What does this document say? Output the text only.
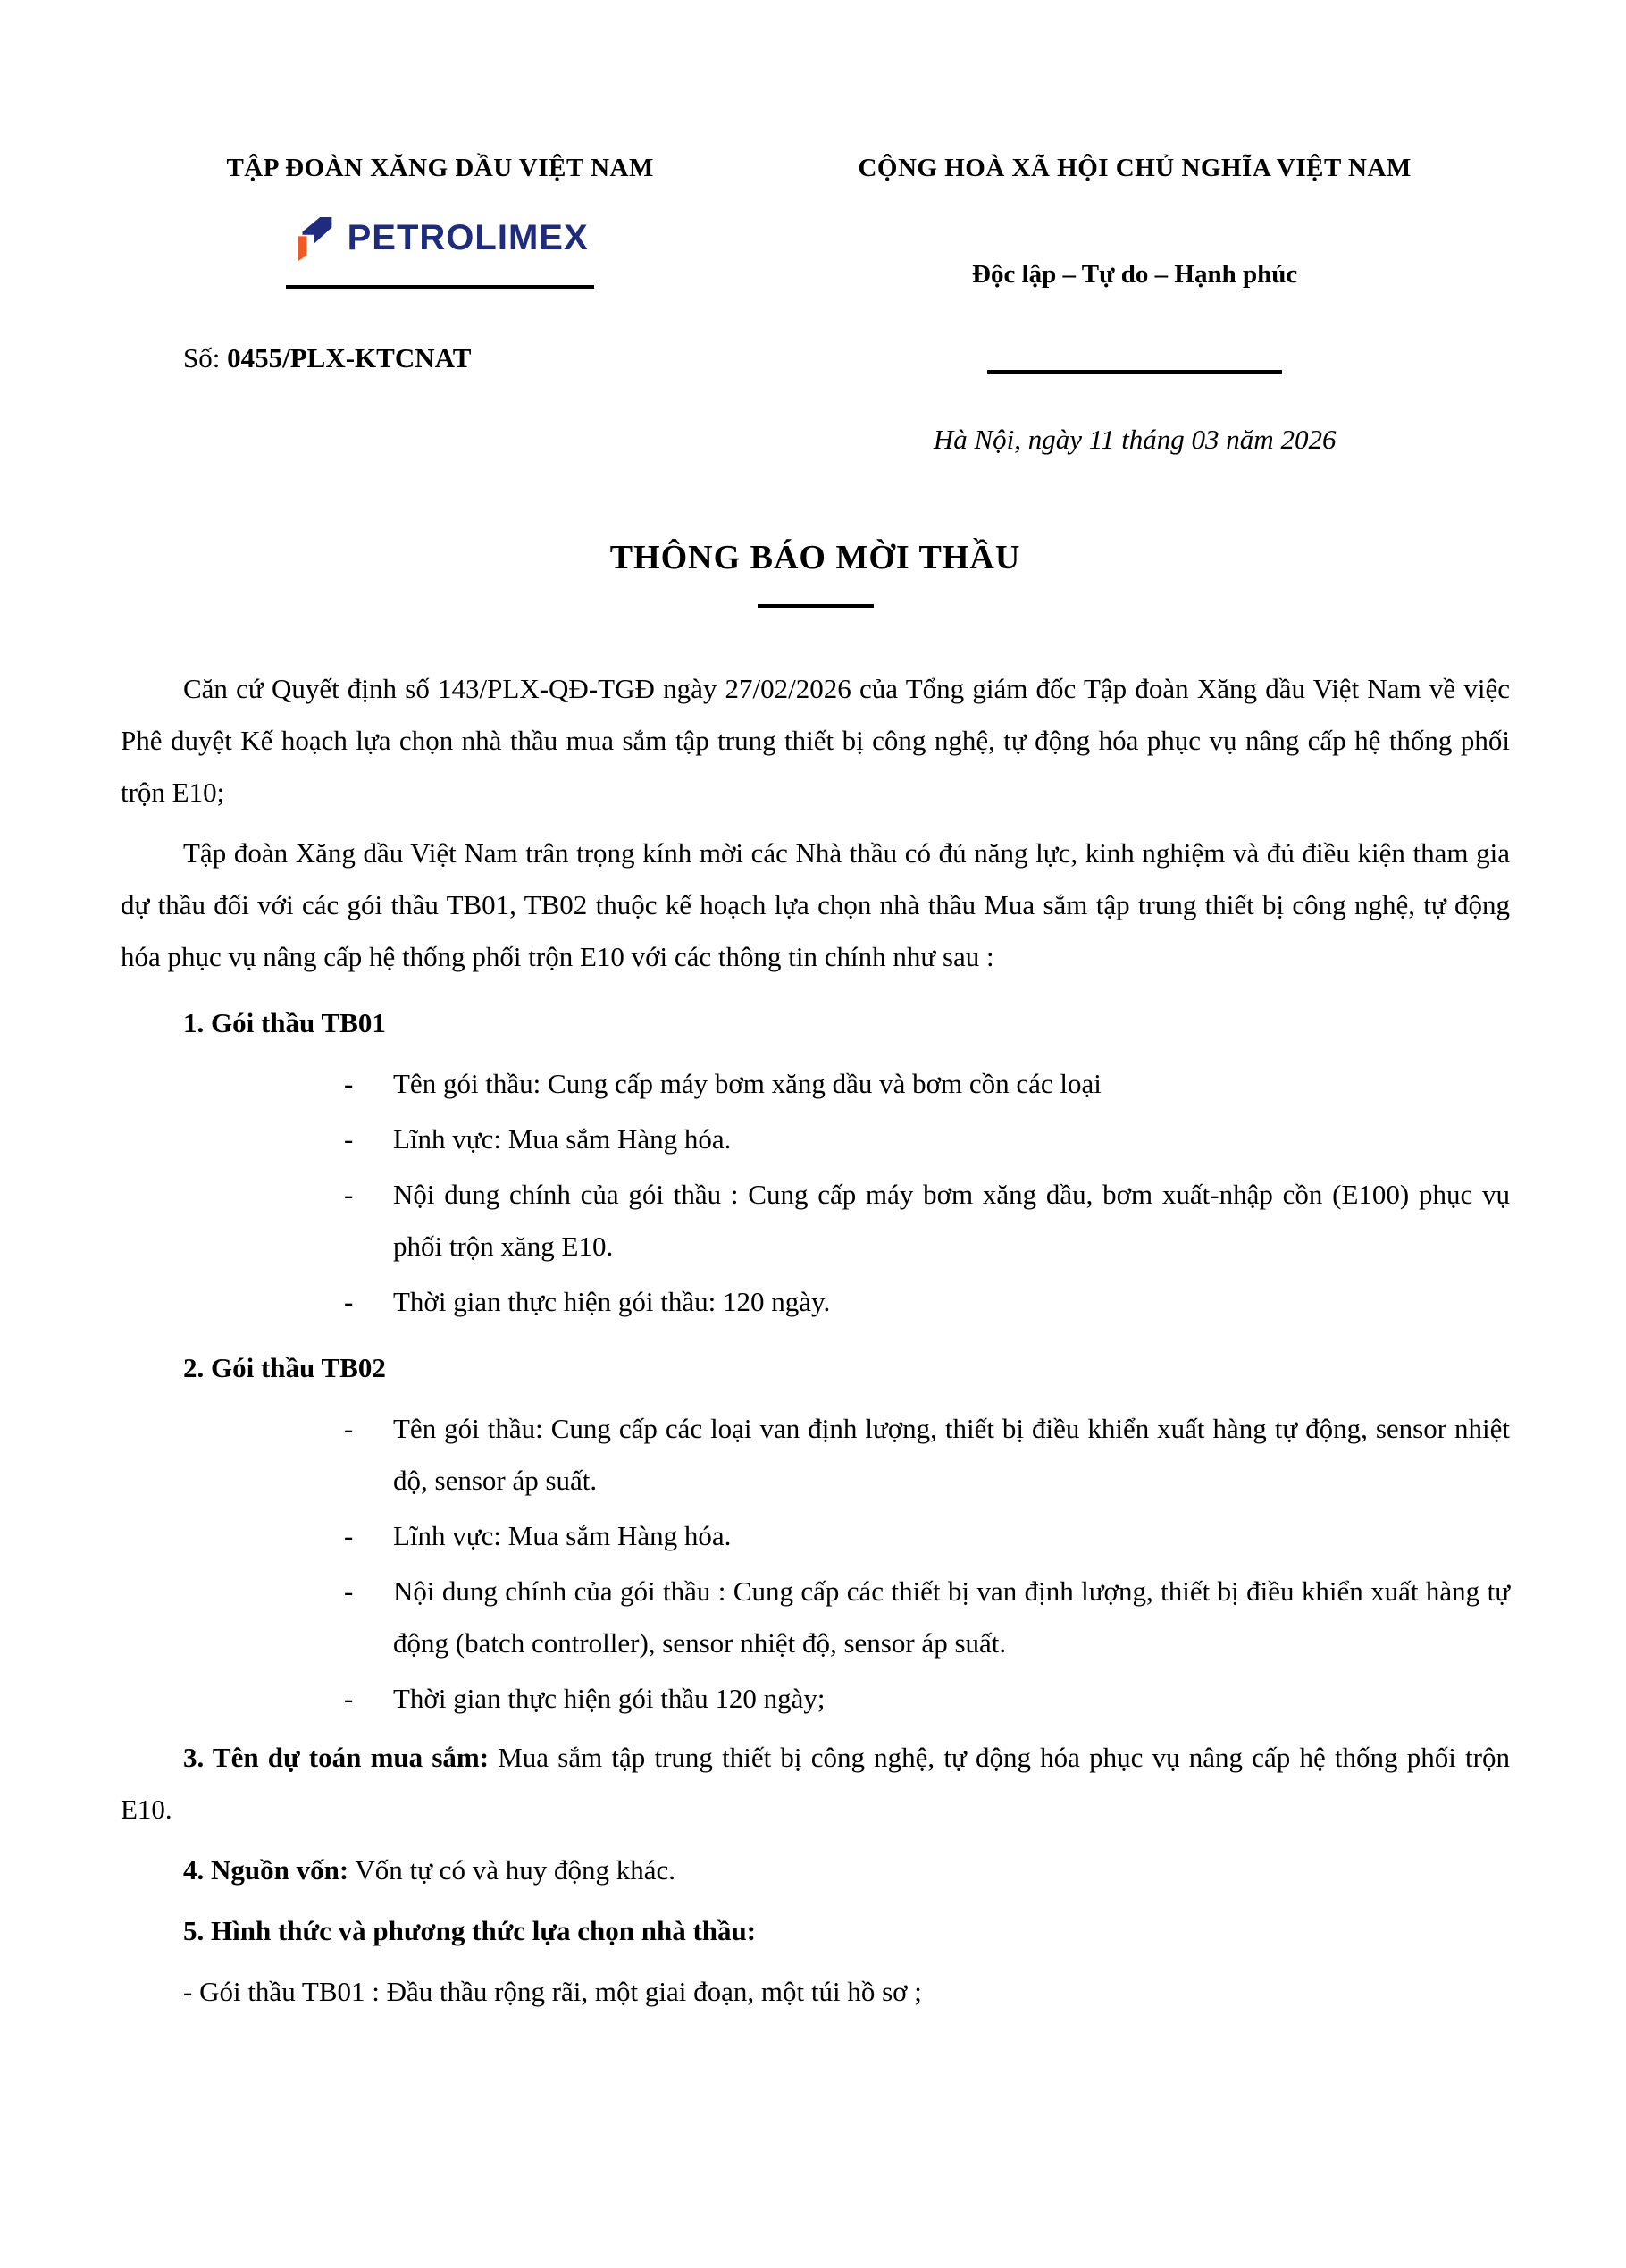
TẬP ĐOÀN XĂNG DẦU VIỆT NAM
PETROLIMEX
Số: 0455/PLX-KTCNAT
CỘNG HOÀ XÃ HỘI CHỦ NGHĨA VIỆT NAM
Độc lập – Tự do – Hạnh phúc
Hà Nội, ngày 11 tháng 03 năm 2026
THÔNG BÁO MỜI THẦU

Căn cứ Quyết định số 143/PLX-QĐ-TGĐ ngày 27/02/2026 của Tổng giám đốc Tập đoàn Xăng dầu Việt Nam về việc Phê duyệt Kế hoạch lựa chọn nhà thầu mua sắm tập trung thiết bị công nghệ, tự động hóa phục vụ nâng cấp hệ thống phối trộn E10;

Tập đoàn Xăng dầu Việt Nam trân trọng kính mời các Nhà thầu có đủ năng lực, kinh nghiệm và đủ điều kiện tham gia dự thầu đối với các gói thầu TB01, TB02 thuộc kế hoạch lựa chọn nhà thầu Mua sắm tập trung thiết bị công nghệ, tự động hóa phục vụ nâng cấp hệ thống phối trộn E10 với các thông tin chính như sau :

1. Gói thầu TB01
- Tên gói thầu: Cung cấp máy bơm xăng dầu và bơm cồn các loại
- Lĩnh vực: Mua sắm Hàng hóa.
- Nội dung chính của gói thầu : Cung cấp máy bơm xăng dầu, bơm xuất-nhập cồn (E100) phục vụ phối trộn xăng E10.
- Thời gian thực hiện gói thầu: 120 ngày.
2. Gói thầu TB02
- Tên gói thầu: Cung cấp các loại van định lượng, thiết bị điều khiển xuất hàng tự động, sensor nhiệt độ, sensor áp suất.
- Lĩnh vực: Mua sắm Hàng hóa.
- Nội dung chính của gói thầu : Cung cấp các thiết bị van định lượng, thiết bị điều khiển xuất hàng tự động (batch controller), sensor nhiệt độ, sensor áp suất.
- Thời gian thực hiện gói thầu 120 ngày;

3. Tên dự toán mua sắm: Mua sắm tập trung thiết bị công nghệ, tự động hóa phục vụ nâng cấp hệ thống phối trộn E10.

4. Nguồn vốn: Vốn tự có và huy động khác.

5. Hình thức và phương thức lựa chọn nhà thầu:

- Gói thầu TB01 : Đầu thầu rộng rãi, một giai đoạn, một túi hồ sơ ;
